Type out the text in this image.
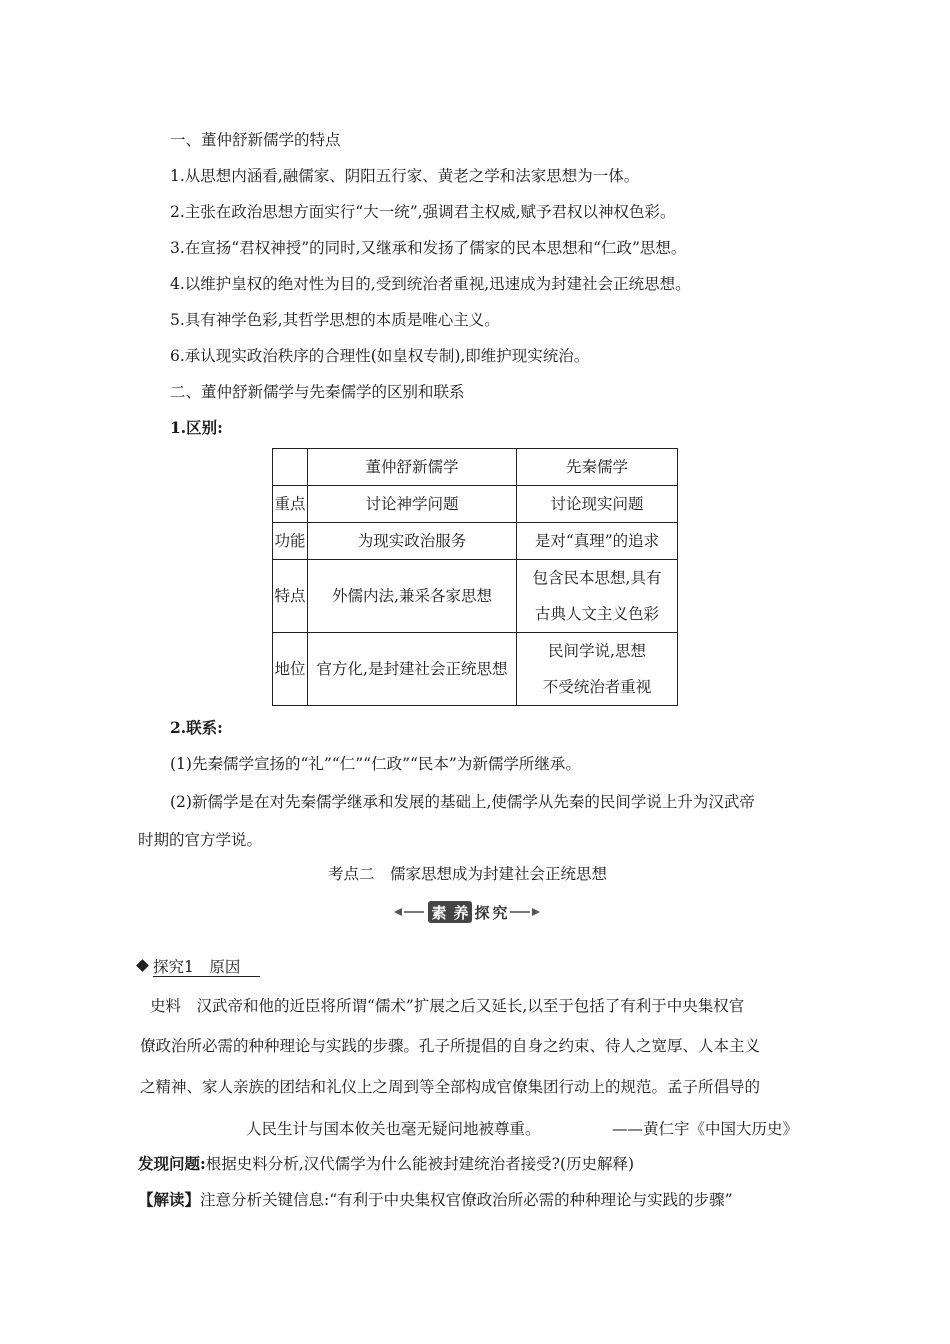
一、董仲舒新儒学的特点
1.从思想内涵看,融儒家、阴阳五行家、黄老之学和法家思想为一体。
2.主张在政治思想方面实行“大一统”,强调君主权威,赋予君权以神权色彩。
3.在宣扬“君权神授”的同时,又继承和发扬了儒家的民本思想和“仁政”思想。
4.以维护皇权的绝对性为目的,受到统治者重视,迅速成为封建社会正统思想。
5.具有神学色彩,其哲学思想的本质是唯心主义。
6.承认现实政治秩序的合理性(如皇权专制),即维护现实统治。
二、董仲舒新儒学与先秦儒学的区别和联系
1.区别:
	董仲舒新儒学	先秦儒学
重点	讨论神学问题	讨论现实问题
功能	为现实政治服务	是对“真理”的追求
特点	外儒内法,兼采各家思想	包含民本思想,具有
古典人文主义色彩

地位	官方化,是封建社会正统思想	民间学说,思想
不受统治者重视
2.联系:
(1)先秦儒学宣扬的“礼”“仁”“仁政”“民本”为新儒学所继承。
(2)新儒学是在对先秦儒学继承和发展的基础上,使儒学从先秦的民间学说上升为汉武帝
时期的官方学说。
考点二　儒家思想成为封建社会正统思想
素 养 探 究
探究1　原因
史料　汉武帝和他的近臣将所谓“儒术”扩展之后又延长,以至于包括了有利于中央集权官
僚政治所必需的种种理论与实践的步骤。孔子所提倡的自身之约束、待人之宽厚、人本主义
之精神、家人亲族的团结和礼仪上之周到等全部构成官僚集团行动上的规范。孟子所倡导的
人民生计与国本攸关也毫无疑问地被尊重。	——黄仁宇《中国大历史》
发现问题:根据史料分析,汉代儒学为什么能被封建统治者接受?(历史解释)
【解读】注意分析关键信息:“有利于中央集权官僚政治所必需的种种理论与实践的步骤”
